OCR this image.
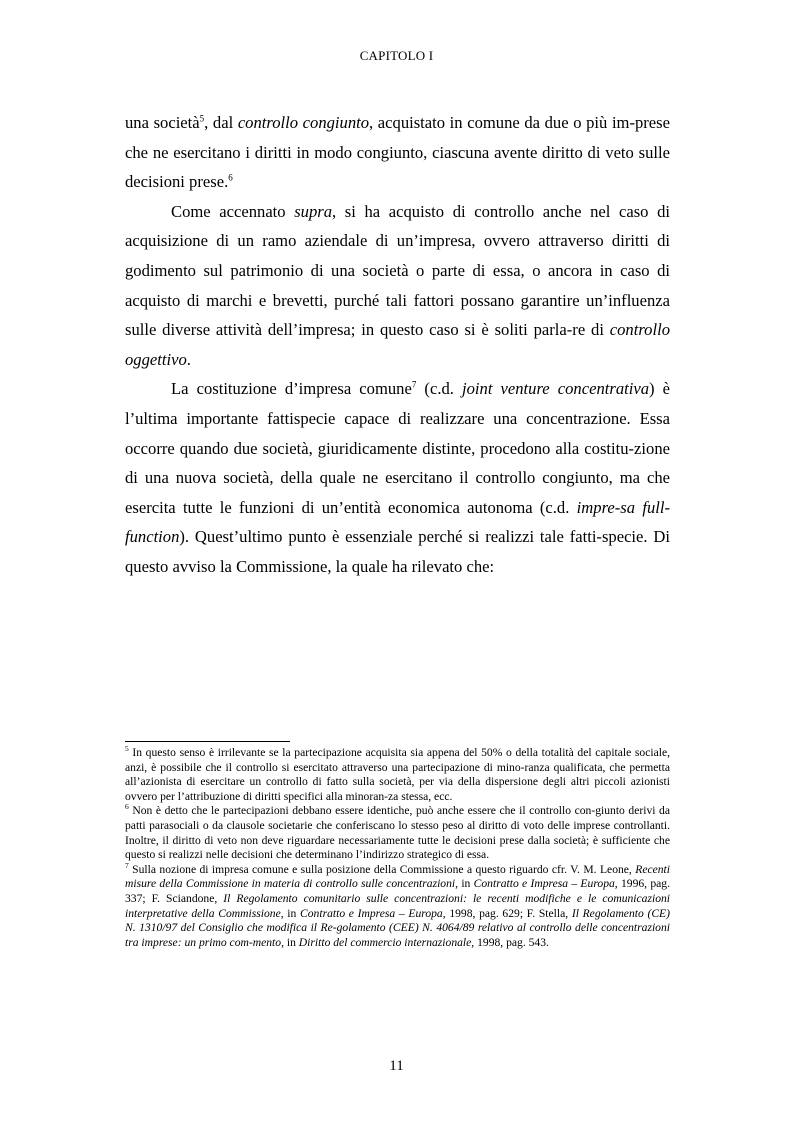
CAPITOLO I

una società$^5$, dal controllo congiunto, acquistato in comune da due o più im-prese che ne esercitano i diritti in modo congiunto, ciascuna avente diritto di veto sulle decisioni prese.$^6$

Come accennato supra, si ha acquisto di controllo anche nel caso di acquisizione di un ramo aziendale di un’impresa, ovvero attraverso diritti di godimento sul patrimonio di una società o parte di essa, o ancora in caso di acquisto di marchi e brevetti, purché tali fattori possano garantire un’influenza sulle diverse attività dell’impresa; in questo caso si è soliti parla-re di controllo oggettivo.

La costituzione d’impresa comune$^7$ (c.d. joint venture concentrativa) è l’ultima importante fattispecie capace di realizzare una concentrazione. Essa occorre quando due società, giuridicamente distinte, procedono alla costitu-zione di una nuova società, della quale ne esercitano il controllo congiunto, ma che esercita tutte le funzioni di un’entità economica autonoma (c.d. impre-sa full-function). Quest’ultimo punto è essenziale perché si realizzi tale fatti-specie. Di questo avviso la Commissione, la quale ha rilevato che:

$^5$ In questo senso è irrilevante se la partecipazione acquisita sia appena del 50% o della totalità del capitale sociale, anzi, è possibile che il controllo si esercitato attraverso una partecipazione di mino-ranza qualificata, che permetta all’azionista di esercitare un controllo di fatto sulla società, per via della dispersione degli altri piccoli azionisti ovvero per l’attribuzione di diritti specifici alla minoran-za stessa, ecc.

$^6$ Non è detto che le partecipazioni debbano essere identiche, può anche essere che il controllo con-giunto derivi da patti parasociali o da clausole societarie che conferiscano lo stesso peso al diritto di voto delle imprese controllanti. Inoltre, il diritto di veto non deve riguardare necessariamente tutte le decisioni prese dalla società; è sufficiente che questo si realizzi nelle decisioni che determinano l’indirizzo strategico di essa.

$^7$ Sulla nozione di impresa comune e sulla posizione della Commissione a questo riguardo cfr. V. M. Leone, Recenti misure della Commissione in materia di controllo sulle concentrazioni, in Contratto e Impresa – Europa, 1996, pag. 337; F. Sciandone, Il Regolamento comunitario sulle concentrazioni: le recenti modifiche e le comunicazioni interpretative della Commissione, in Contratto e Impresa – Europa, 1998, pag. 629; F. Stella, Il Regolamento (CE) N. 1310/97 del Consiglio che modifica il Re-golamento (CEE) N. 4064/89 relativo al controllo delle concentrazioni tra imprese: un primo com-mento, in Diritto del commercio internazionale, 1998, pag. 543.

11
